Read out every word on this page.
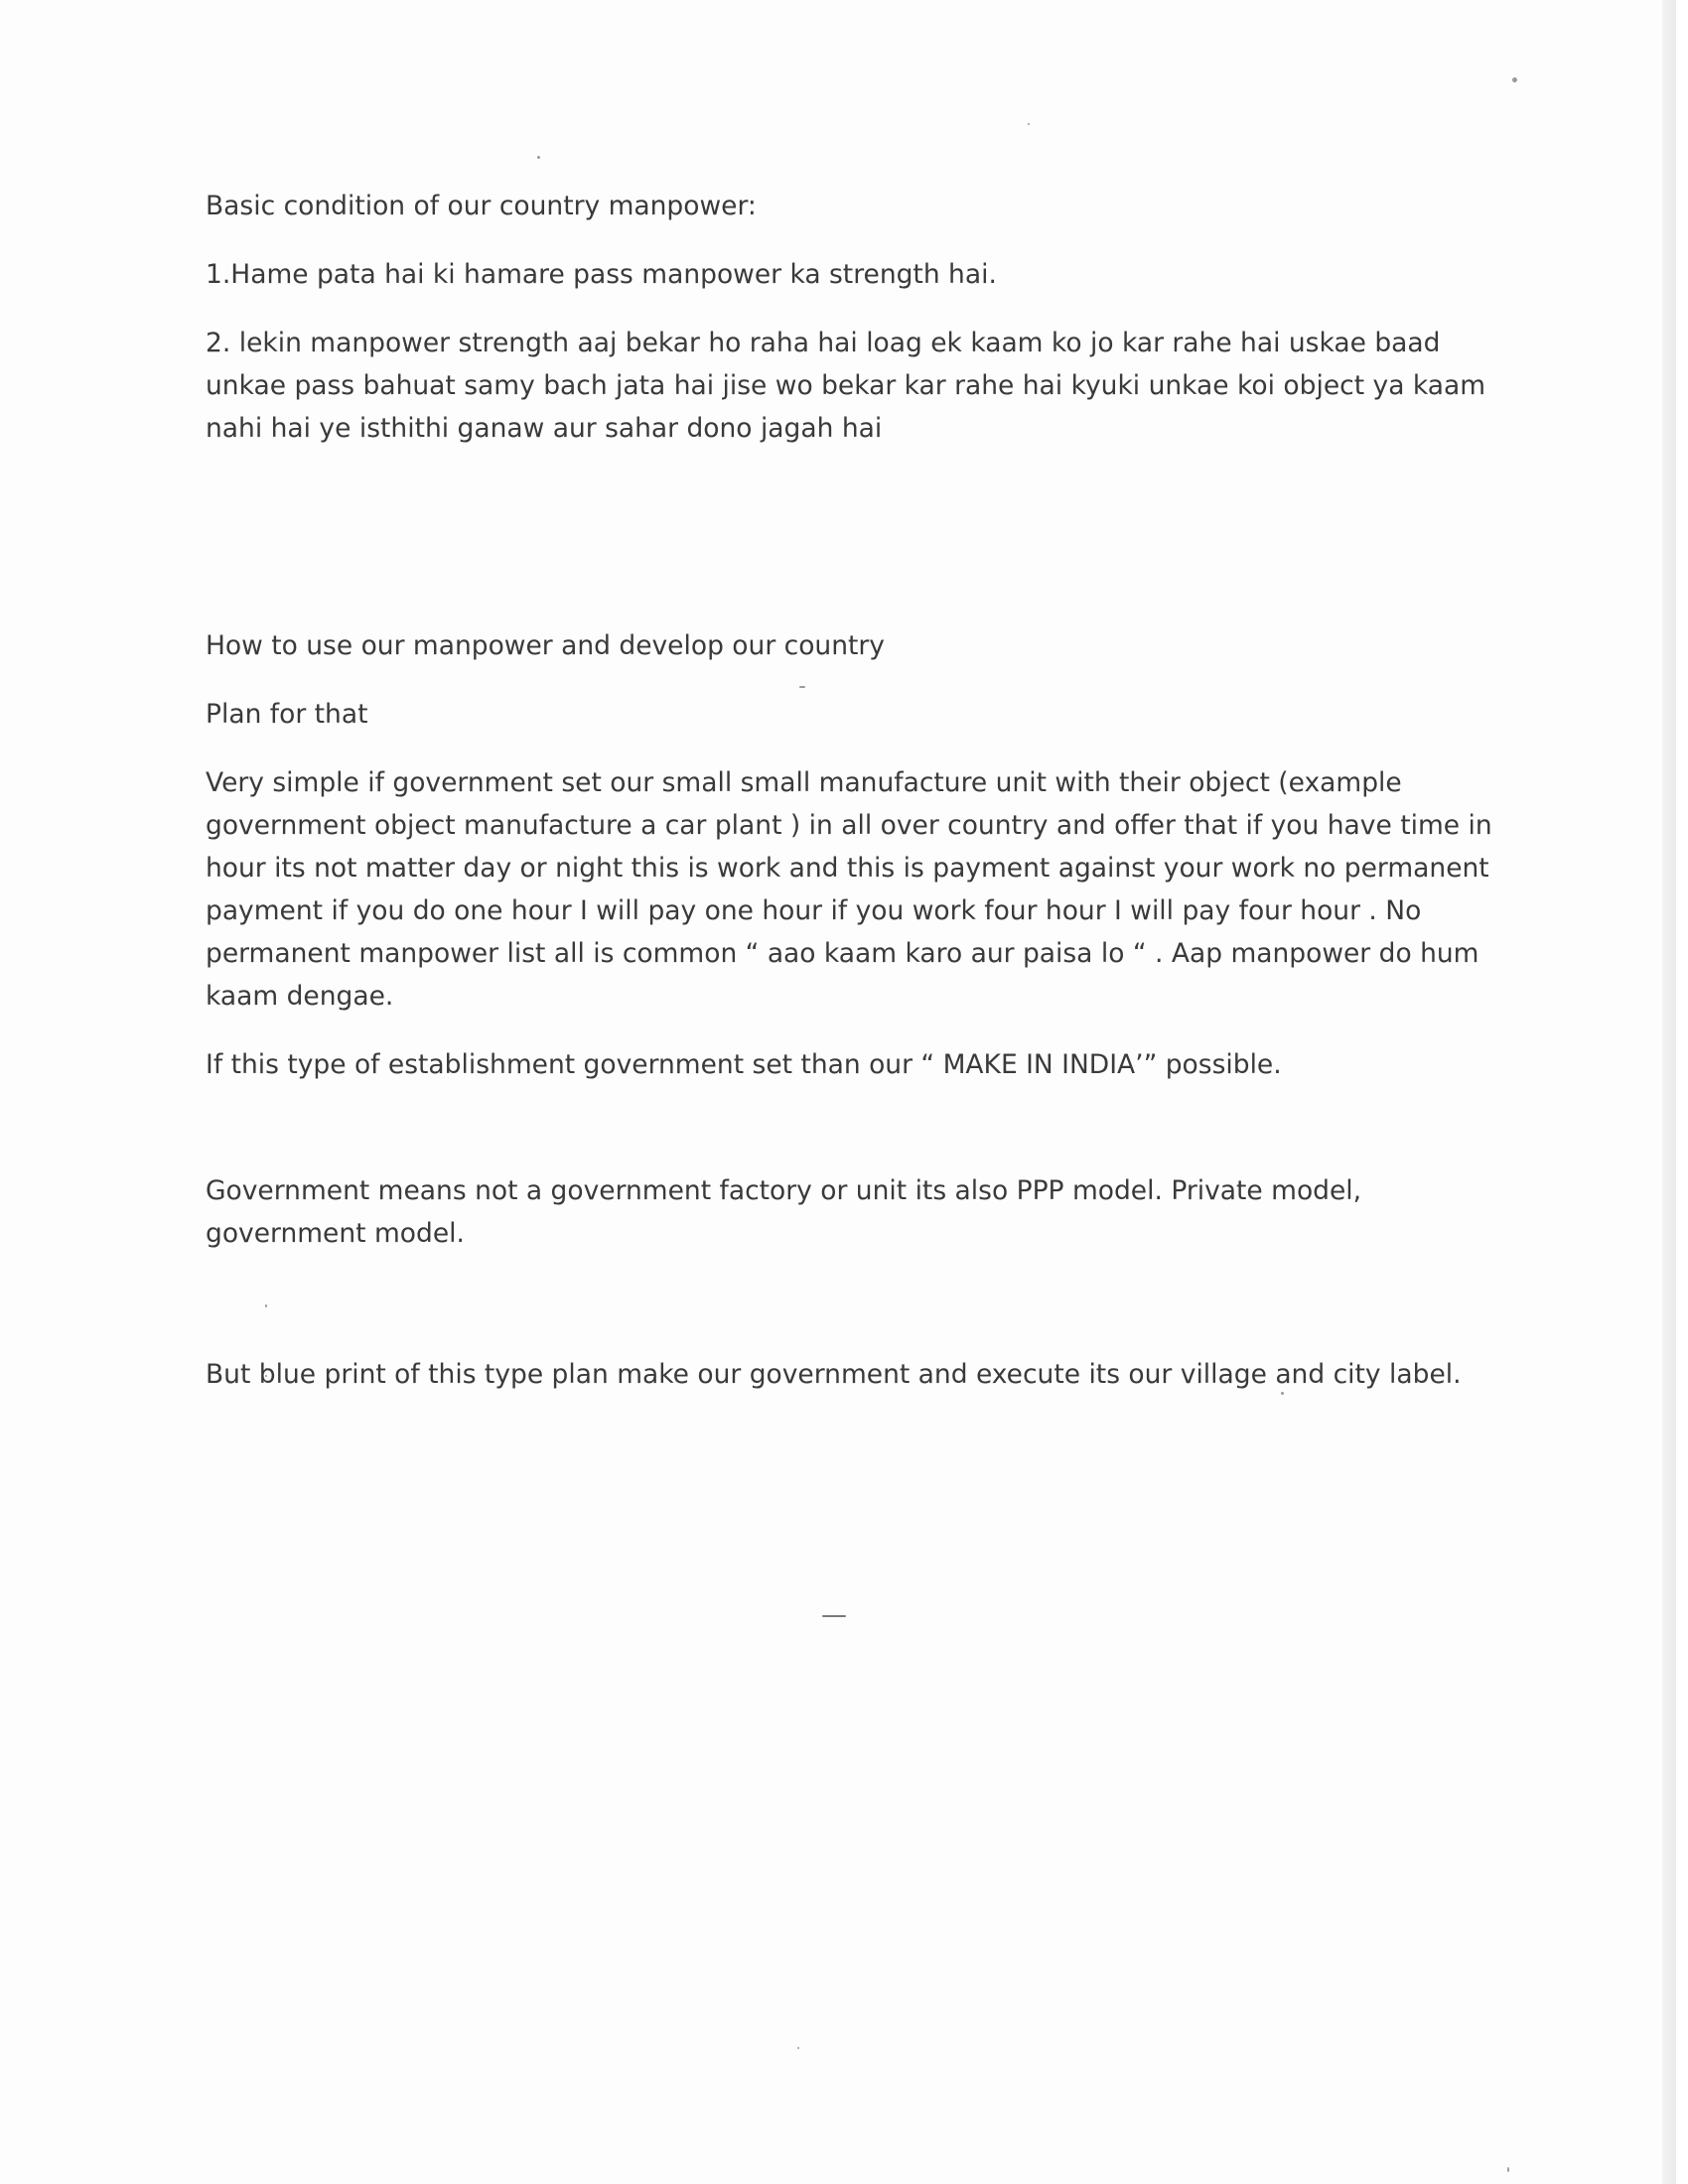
Basic condition of our country manpower:

1.Hame pata hai ki hamare pass manpower ka strength hai.

2. lekin manpower strength aaj bekar ho raha hai loag ek kaam ko jo kar rahe hai uskae baad unkae pass bahuat samy bach jata hai jise wo bekar kar rahe hai kyuki unkae koi object ya kaam nahi hai ye isthithi ganaw aur sahar dono jagah hai

How to use our manpower and develop our country

Plan for that

Very simple if government set our small small manufacture unit with their object (example government object manufacture a car plant ) in all over country and offer that if you have time in hour its not matter day or night this is work and this is payment against your work no permanent payment if you do one hour I will pay one hour if you work four hour I will pay four hour . No permanent manpower list all is common “ aao kaam karo aur paisa lo “ . Aap manpower do hum kaam dengae.

If this type of establishment government set than our “ MAKE IN INDIA’” possible.

Government means not a government factory or unit its also PPP model. Private model, government model.

But blue print of this type plan make our government and execute its our village and city label.
